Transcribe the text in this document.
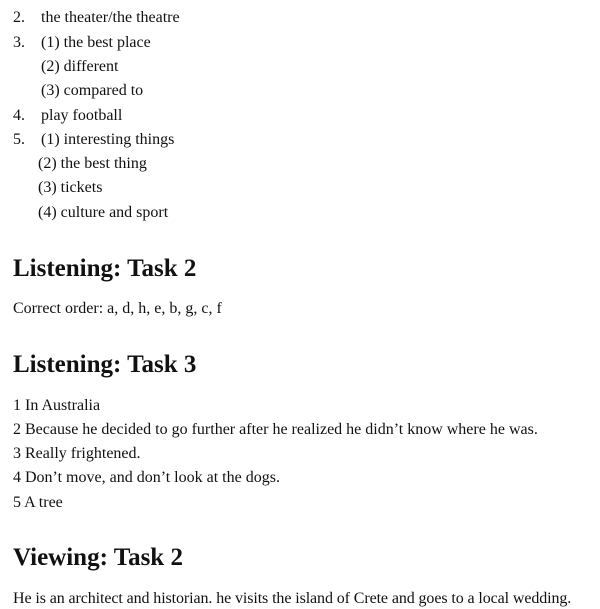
2. the theater/the theatre
3. (1) the best place
(2) different
(3) compared to
4. play football
5. (1) interesting things
(2) the best thing
(3) tickets
(4) culture and sport
Listening: Task 2
Correct order: a, d, h, e, b, g, c, f
Listening: Task 3
1 In Australia
2 Because he decided to go further after he realized he didn’t know where he was.
3 Really frightened.
4 Don’t move, and don’t look at the dogs.
5 A tree
Viewing: Task 2
He is an architect and historian. he visits the island of Crete and goes to a local wedding.
